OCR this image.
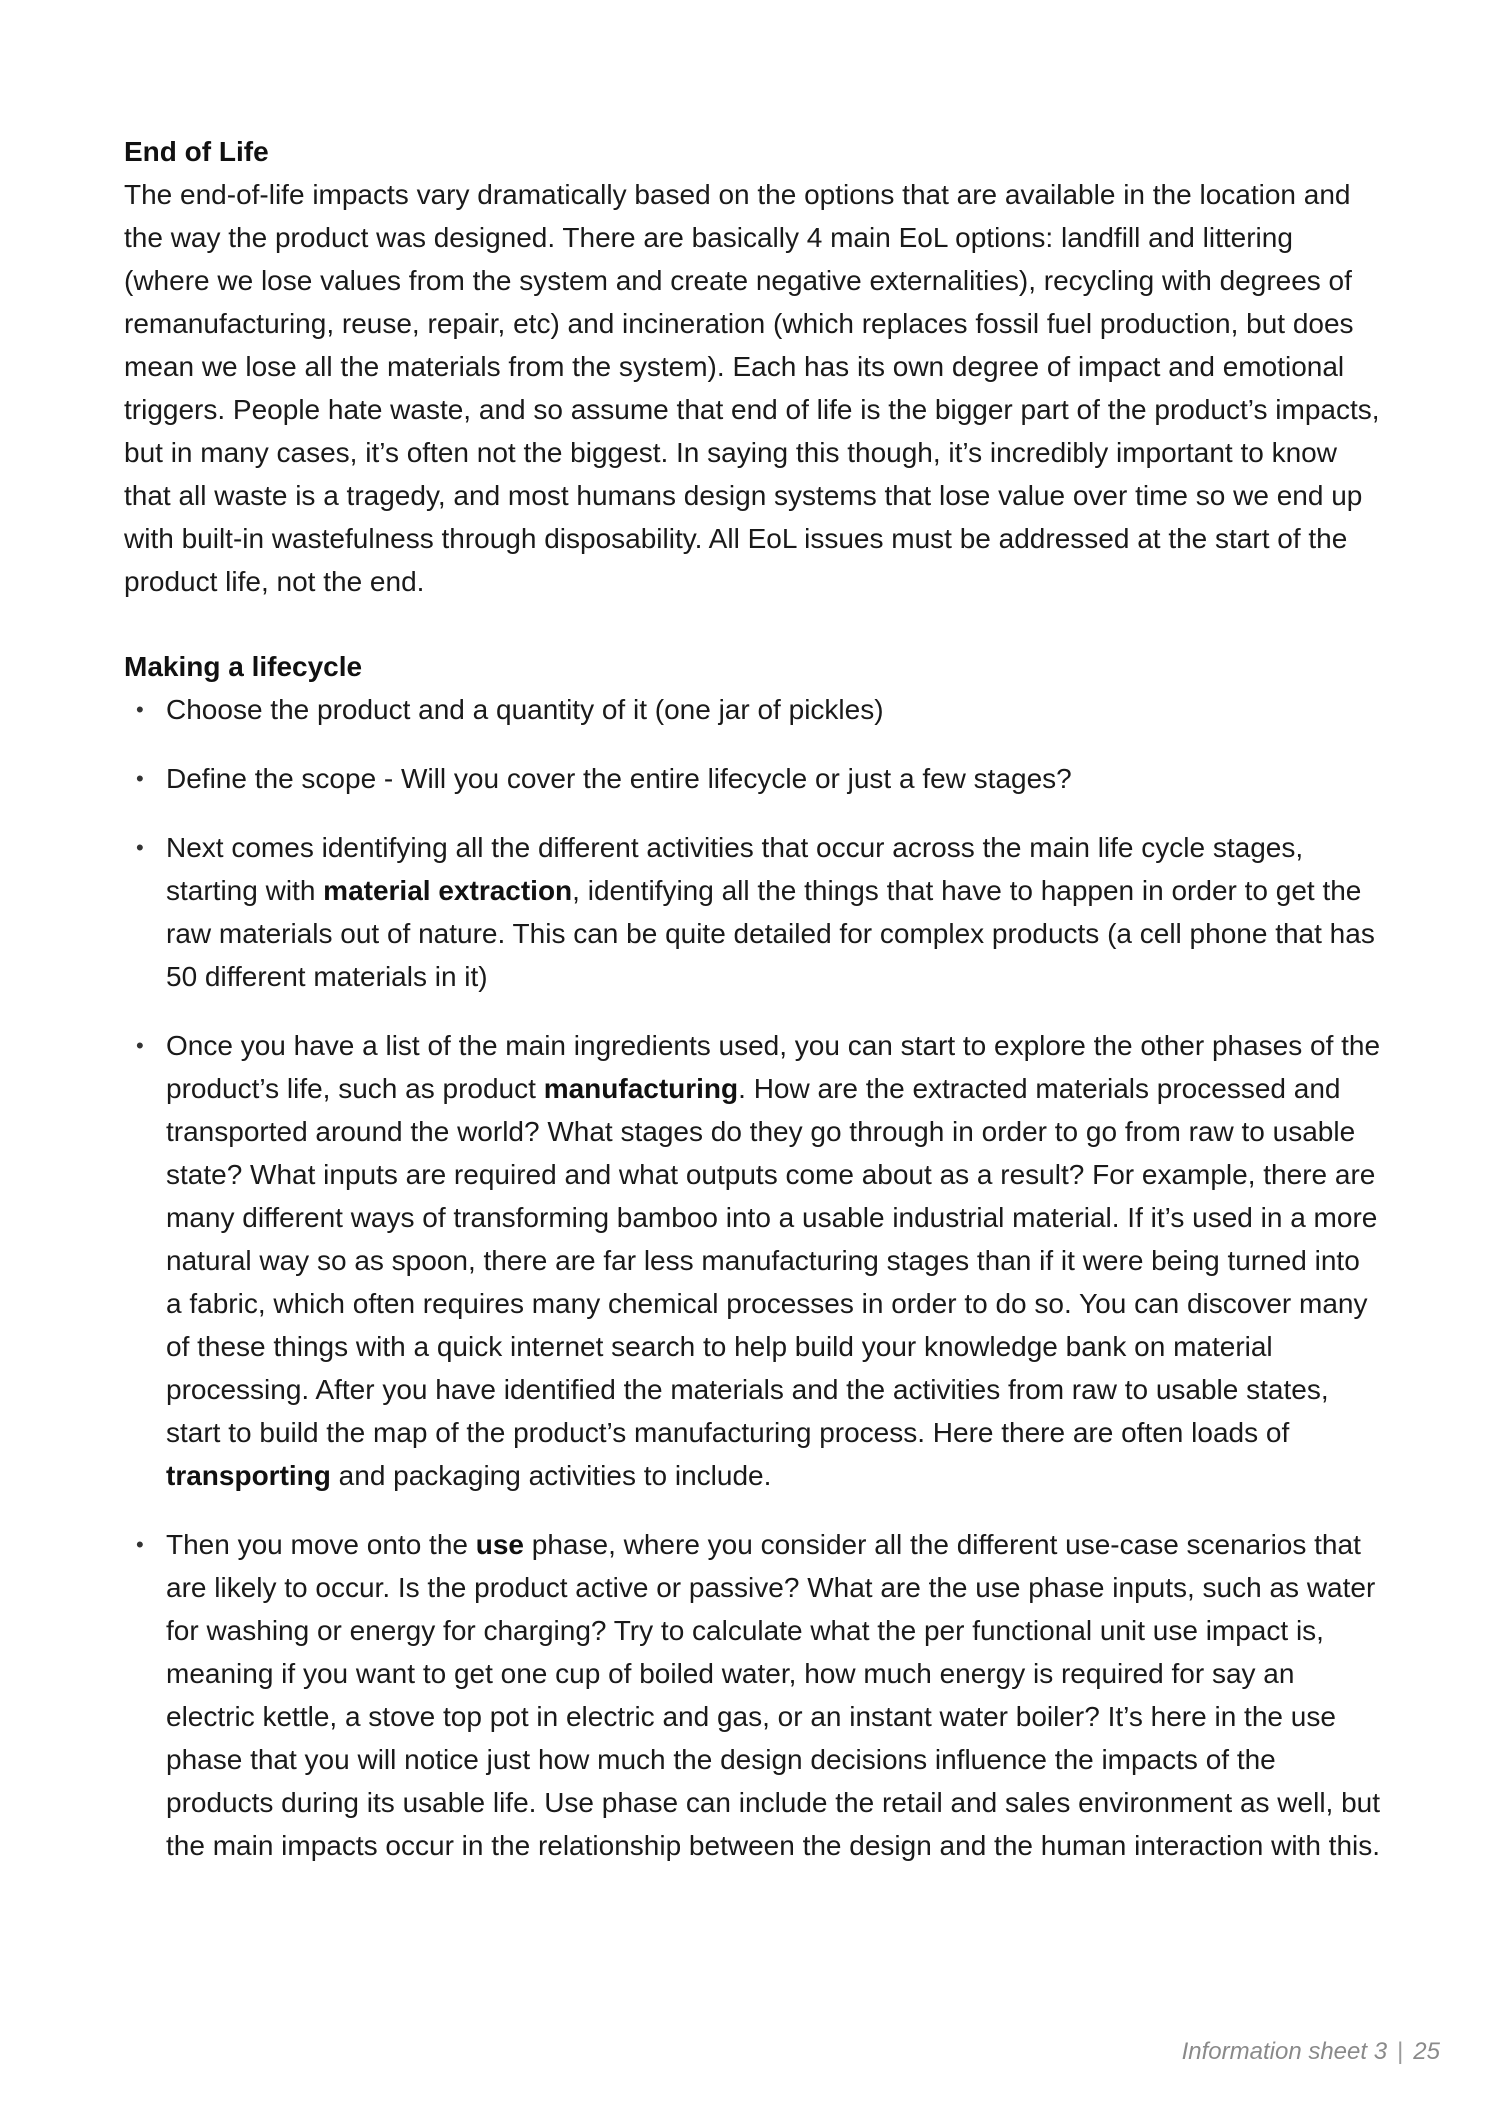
End of Life

The end-of-life impacts vary dramatically based on the options that are available in the location and the way the product was designed. There are basically 4 main EoL options: landfill and littering (where we lose values from the system and create negative externalities), recycling with degrees of remanufacturing, reuse, repair, etc) and incineration (which replaces fossil fuel production, but does mean we lose all the materials from the system). Each has its own degree of impact and emotional triggers. People hate waste, and so assume that end of life is the bigger part of the product’s impacts, but in many cases, it’s often not the biggest. In saying this though, it’s incredibly important to know that all waste is a tragedy, and most humans design systems that lose value over time so we end up with built-in wastefulness through disposability. All EoL issues must be addressed at the start of the product life, not the end.

Making a lifecycle
• Choose the product and a quantity of it (one jar of pickles)
• Define the scope - Will you cover the entire lifecycle or just a few stages?
• Next comes identifying all the different activities that occur across the main life cycle stages, starting with material extraction, identifying all the things that have to happen in order to get the raw materials out of nature. This can be quite detailed for complex products (a cell phone that has 50 different materials in it)
• Once you have a list of the main ingredients used, you can start to explore the other phases of the product’s life, such as product manufacturing. How are the extracted materials processed and transported around the world? What stages do they go through in order to go from raw to usable state? What inputs are required and what outputs come about as a result? For example, there are many different ways of transforming bamboo into a usable industrial material. If it’s used in a more natural way so as spoon, there are far less manufacturing stages than if it were being turned into a fabric, which often requires many chemical processes in order to do so. You can discover many of these things with a quick internet search to help build your knowledge bank on material processing. After you have identified the materials and the activities from raw to usable states, start to build the map of the product’s manufacturing process. Here there are often loads of transporting and packaging activities to include.
• Then you move onto the use phase, where you consider all the different use-case scenarios that are likely to occur. Is the product active or passive? What are the use phase inputs, such as water for washing or energy for charging? Try to calculate what the per functional unit use impact is, meaning if you want to get one cup of boiled water, how much energy is required for say an electric kettle, a stove top pot in electric and gas, or an instant water boiler? It’s here in the use phase that you will notice just how much the design decisions influence the impacts of the products during its usable life. Use phase can include the retail and sales environment as well, but the main impacts occur in the relationship between the design and the human interaction with this.
Information sheet 3 | 25
